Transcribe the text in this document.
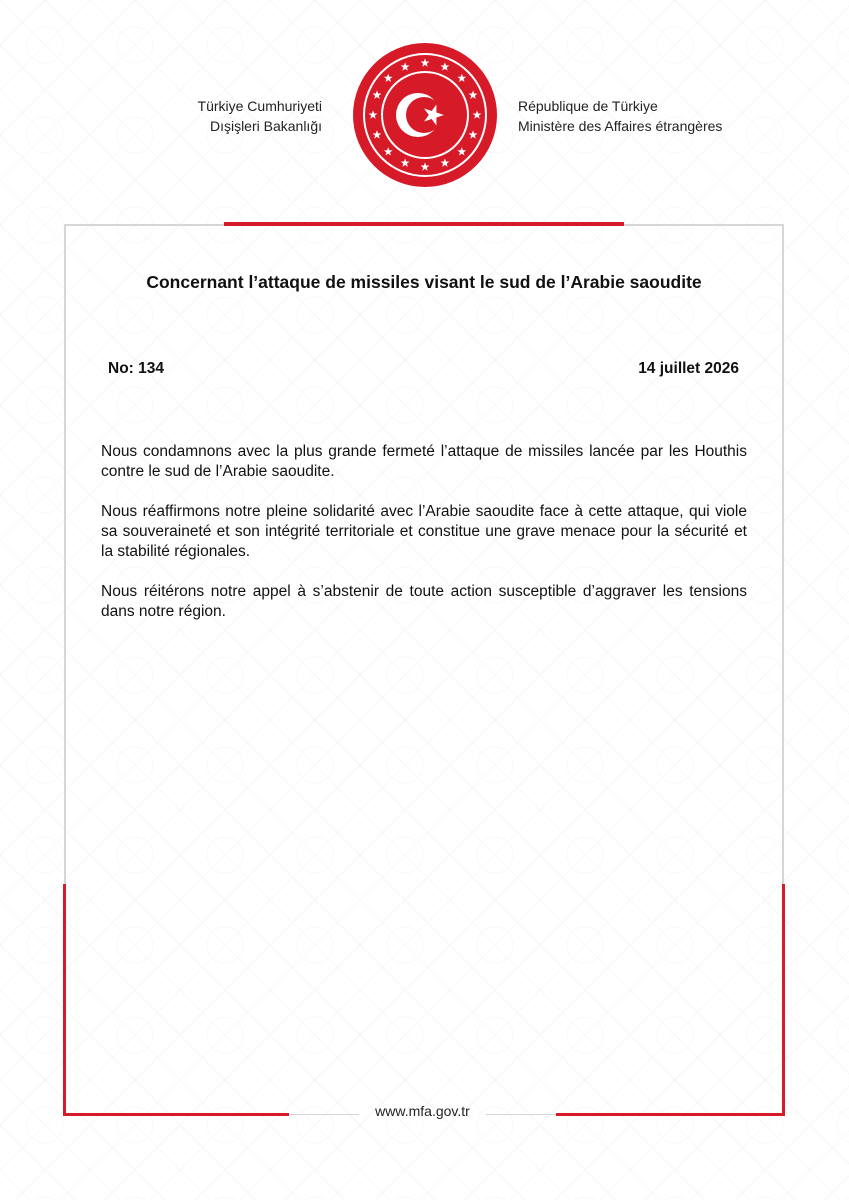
Türkiye Cumhuriyeti
Dışişleri Bakanlığı
République de Türkiye
Ministère des Affaires étrangères
Concernant l’attaque de missiles visant le sud de l’Arabie saoudite
No: 134	14 juillet 2026

Nous condamnons avec la plus grande fermeté l’attaque de missiles lancée par les Houthis contre le sud de l’Arabie saoudite.

Nous réaffirmons notre pleine solidarité avec l’Arabie saoudite face à cette attaque, qui viole sa souveraineté et son intégrité territoriale et constitue une grave menace pour la sécurité et la stabilité régionales.

Nous réitérons notre appel à s’abstenir de toute action susceptible d’aggraver les tensions dans notre région.

www.mfa.gov.tr
